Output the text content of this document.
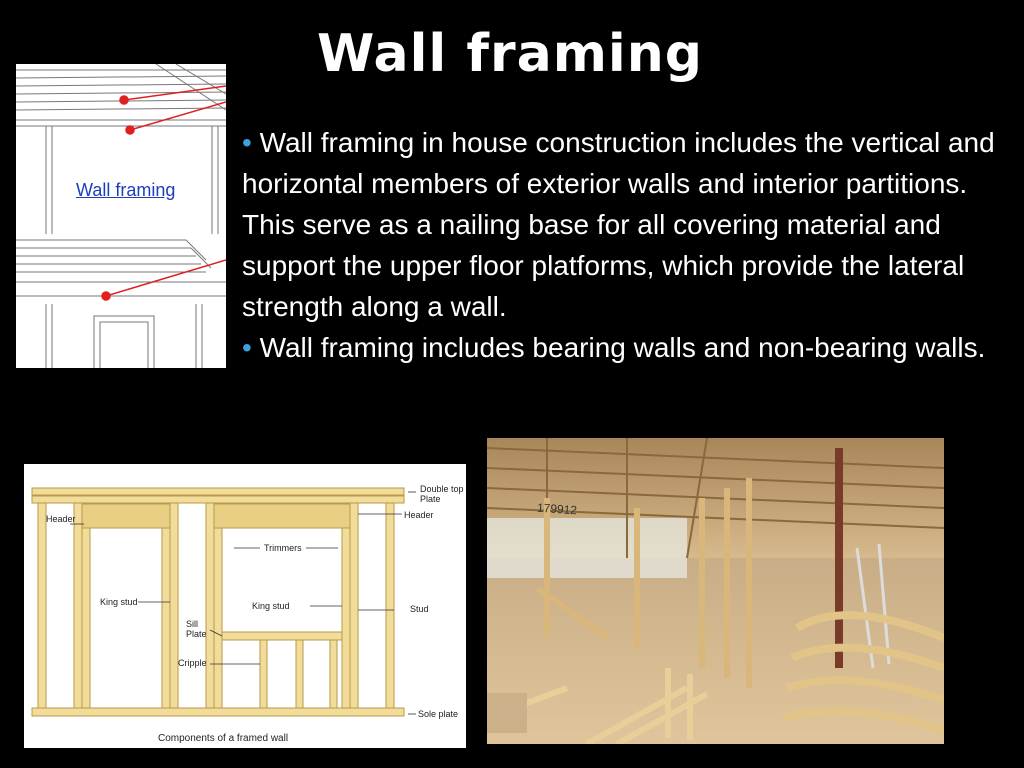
Wall framing

• Wall framing in house construction includes the vertical and horizontal members of exterior walls and interior partitions. This serve as a nailing base for all covering material and support the upper floor platforms, which provide the lateral strength along a wall.

• Wall framing includes bearing walls and non-bearing walls.

Wall framing
Double top Plate
Header	Header
Trimmers
King stud	King stud	Stud
Sill Plate
Cripple
Sole plate
Components of a framed wall
179912
